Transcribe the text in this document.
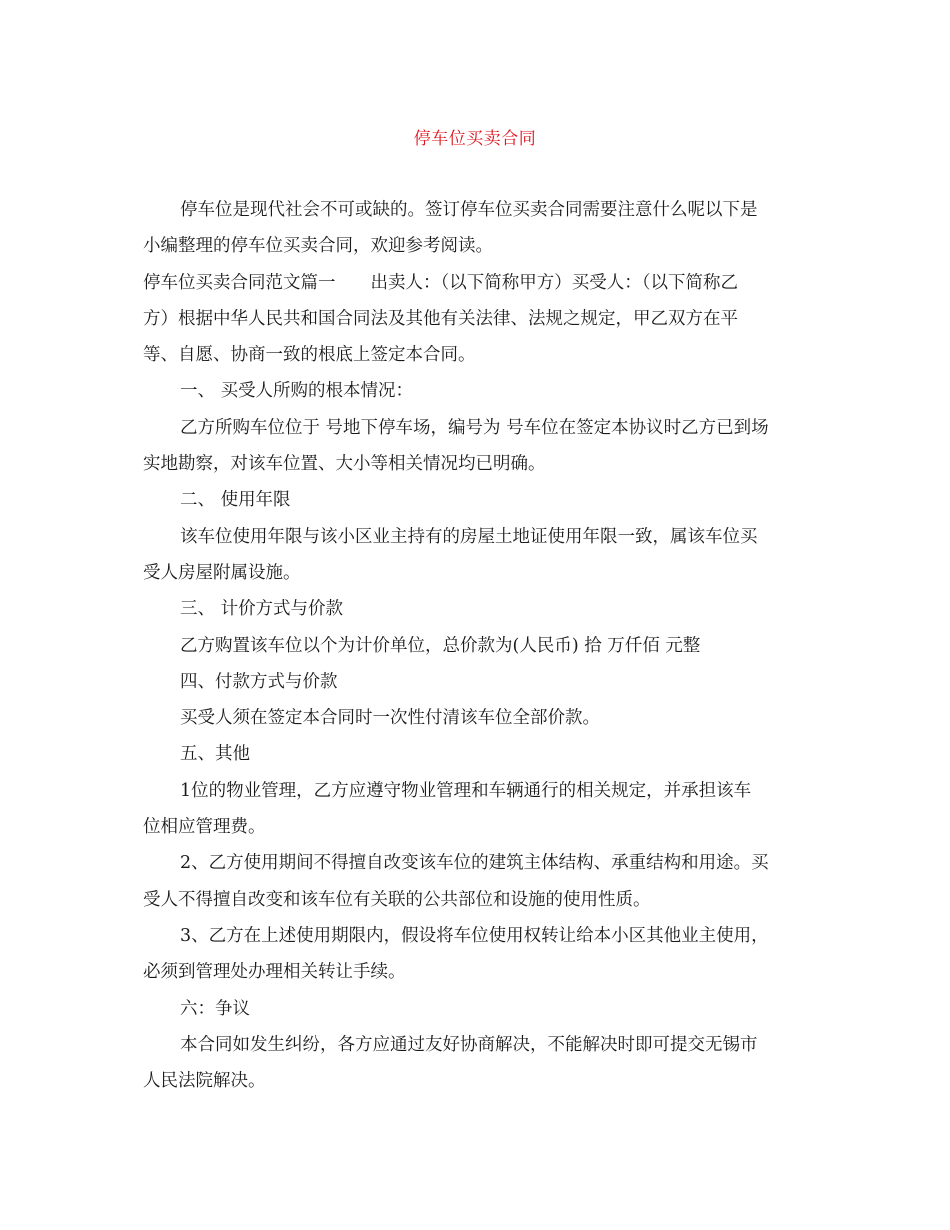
停车位买卖合同
停车位是现代社会不可或缺的。签订停车位买卖合同需要注意什么呢以下是
小编整理的停车位买卖合同，欢迎参考阅读。
停车位买卖合同范文篇一　　出卖人：（以下简称甲方）买受人：（以下简称乙
方）根据中华人民共和国合同法及其他有关法律、法规之规定，甲乙双方在平
等、自愿、协商一致的根底上签定本合同。
一、 买受人所购的根本情况：
乙方所购车位位于 号地下停车场，编号为 号车位在签定本协议时乙方已到场
实地勘察，对该车位置、大小等相关情况均已明确。
二、 使用年限
该车位使用年限与该小区业主持有的房屋土地证使用年限一致，属该车位买
受人房屋附属设施。
三、 计价方式与价款
乙方购置该车位以个为计价单位，总价款为(人民币) 拾 万仟佰 元整
四、付款方式与价款
买受人须在签定本合同时一次性付清该车位全部价款。
五、其他
1位的物业管理，乙方应遵守物业管理和车辆通行的相关规定，并承担该车
位相应管理费。
2、乙方使用期间不得擅自改变该车位的建筑主体结构、承重结构和用途。买
受人不得擅自改变和该车位有关联的公共部位和设施的使用性质。
3、乙方在上述使用期限内，假设将车位使用权转让给本小区其他业主使用，
必须到管理处办理相关转让手续。
六：争议
本合同如发生纠纷，各方应通过友好协商解决，不能解决时即可提交无锡市
人民法院解决。
